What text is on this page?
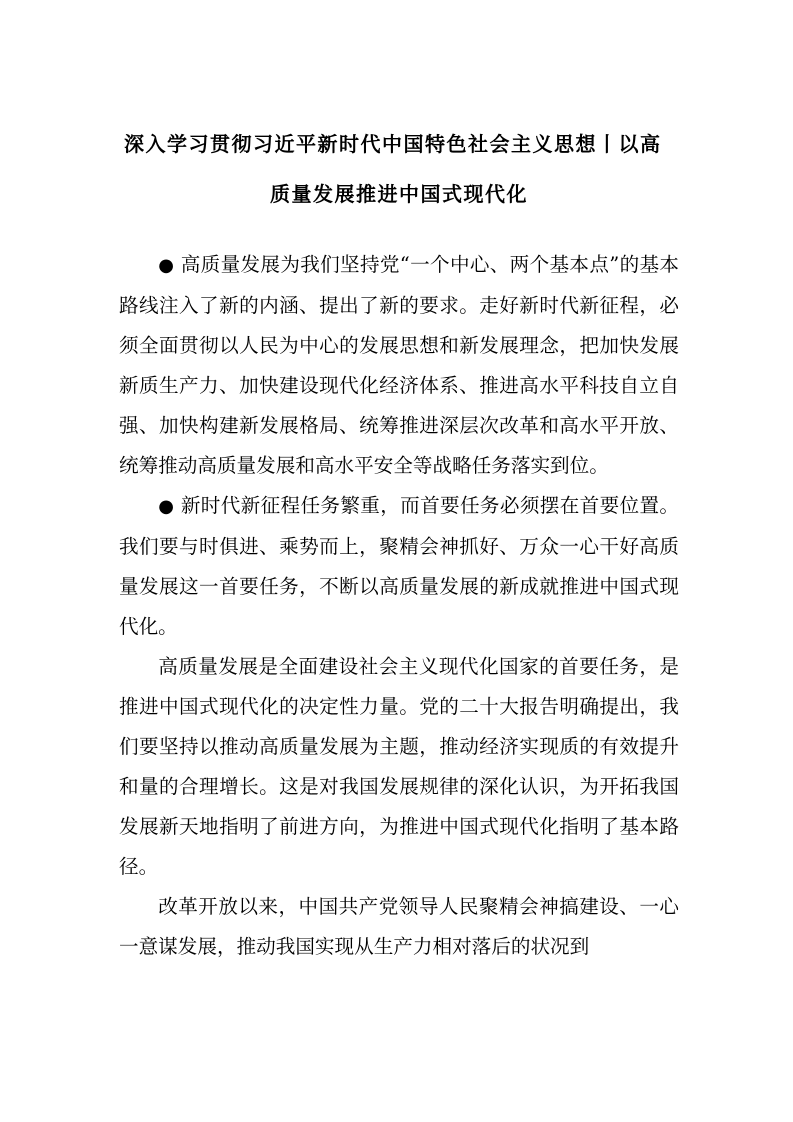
深入学习贯彻习近平新时代中国特色社会主义思想丨以高
质量发展推进中国式现代化

● 高质量发展为我们坚持党“一个中心、两个基本点”的基本路线注入了新的内涵、提出了新的要求。走好新时代新征程，必须全面贯彻以人民为中心的发展思想和新发展理念，把加快发展新质生产力、加快建设现代化经济体系、推进高水平科技自立自强、加快构建新发展格局、统筹推进深层次改革和高水平开放、统筹推动高质量发展和高水平安全等战略任务落实到位。

● 新时代新征程任务繁重，而首要任务必须摆在首要位置。我们要与时俱进、乘势而上，聚精会神抓好、万众一心干好高质量发展这一首要任务，不断以高质量发展的新成就推进中国式现代化。

高质量发展是全面建设社会主义现代化国家的首要任务，是推进中国式现代化的决定性力量。党的二十大报告明确提出，我们要坚持以推动高质量发展为主题，推动经济实现质的有效提升和量的合理增长。这是对我国发展规律的深化认识，为开拓我国发展新天地指明了前进方向，为推进中国式现代化指明了基本路径。

改革开放以来，中国共产党领导人民聚精会神搞建设、一心一意谋发展，推动我国实现从生产力相对落后的状况到
